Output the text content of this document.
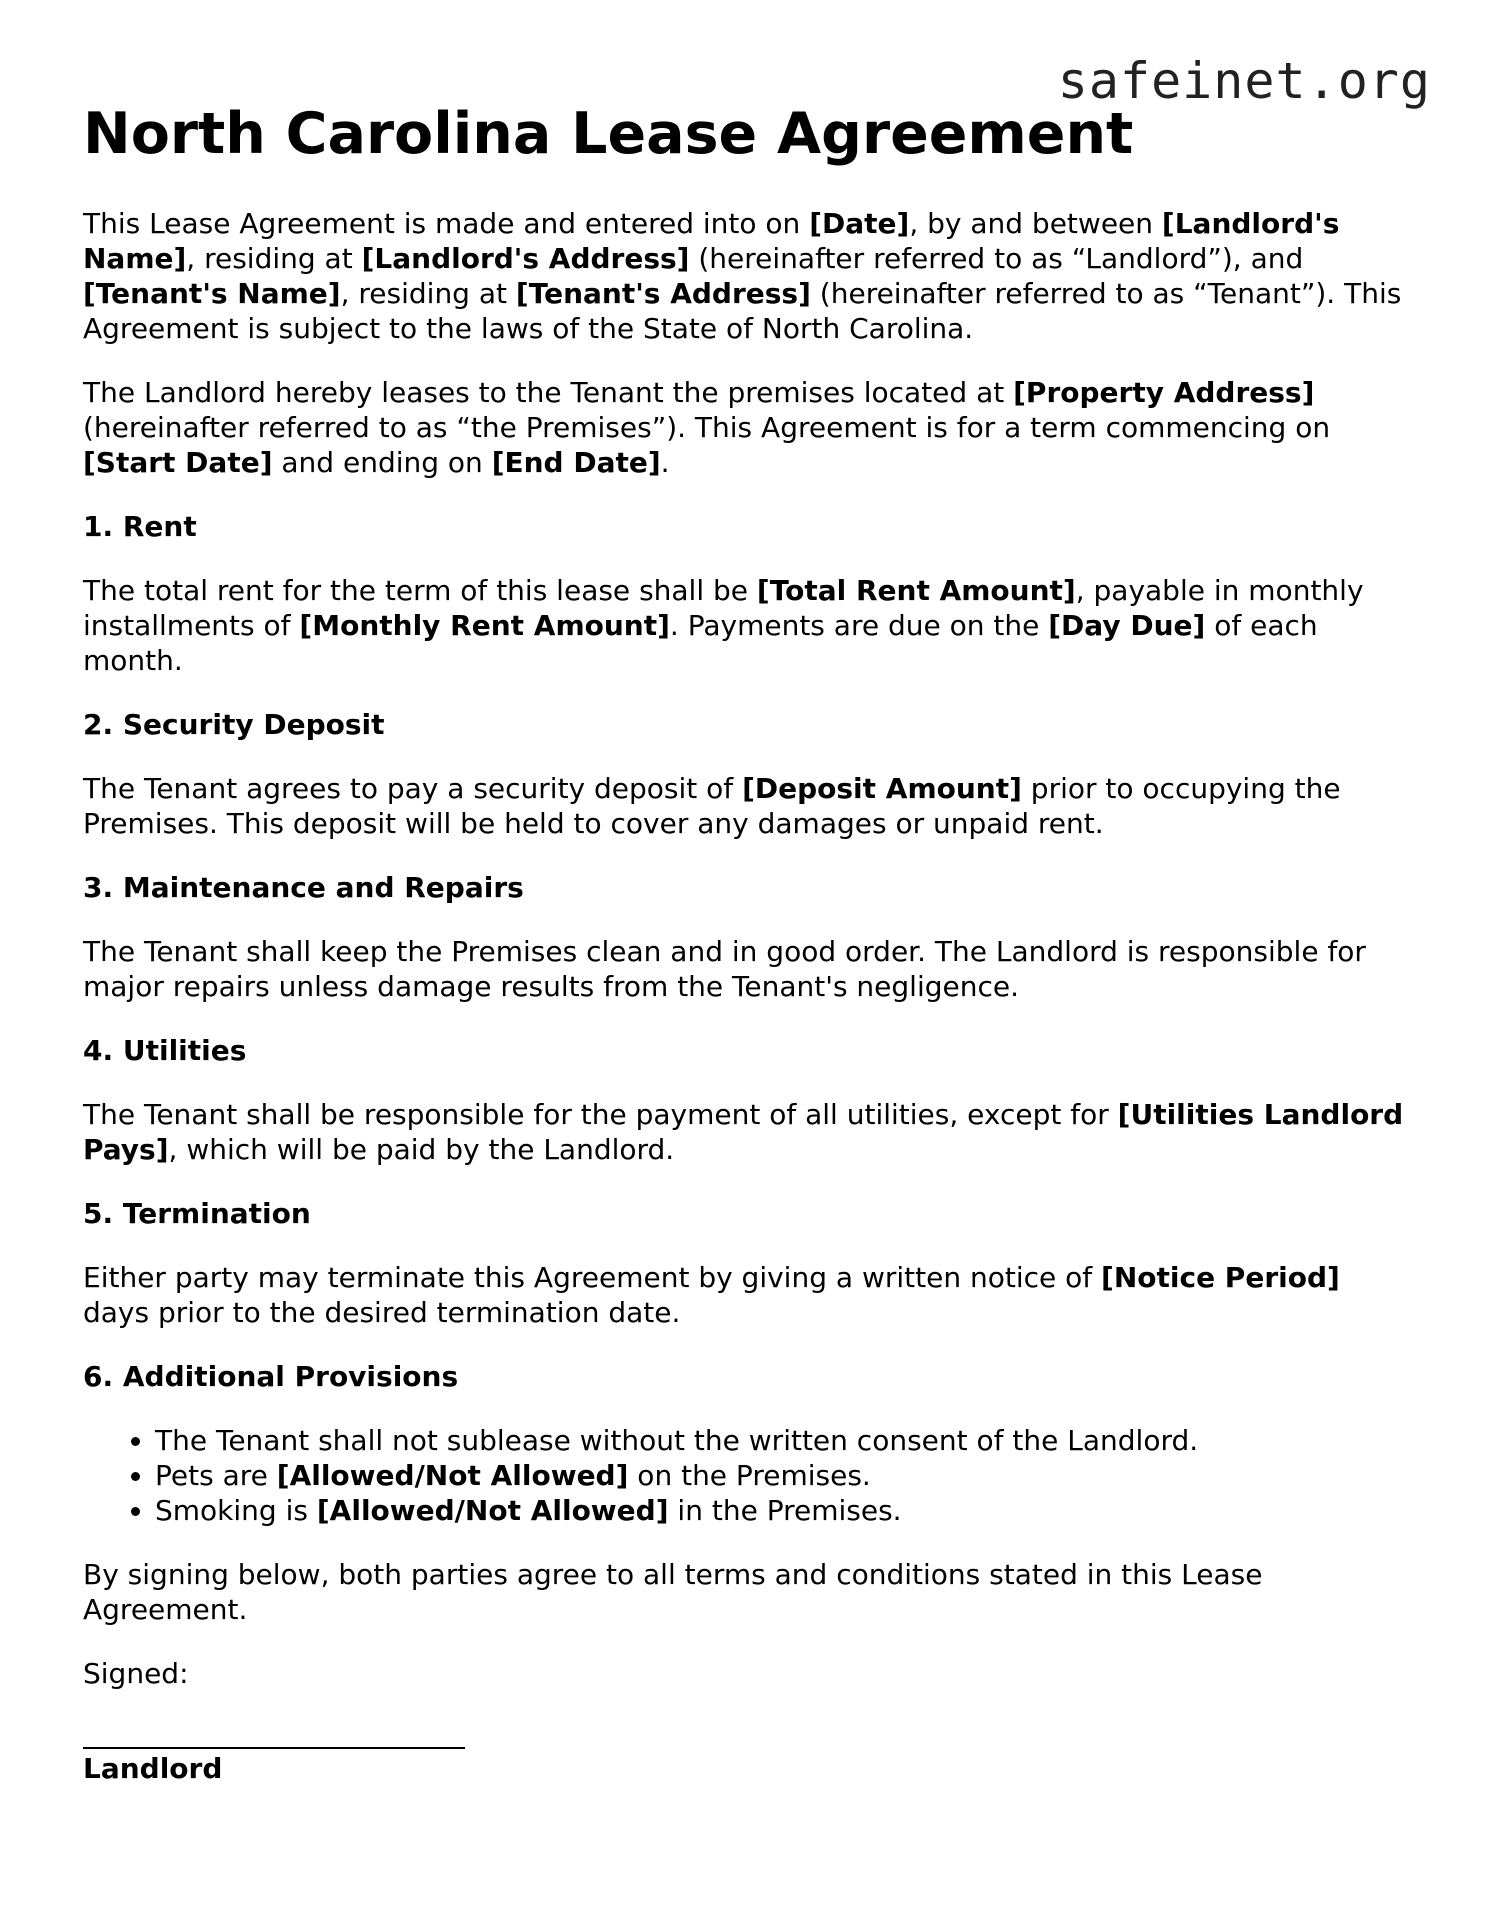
safeinet.org
North Carolina Lease Agreement

This Lease Agreement is made and entered into on [Date], by and between [Landlord's Name], residing at [Landlord's Address] (hereinafter referred to as “Landlord”), and [Tenant's Name], residing at [Tenant's Address] (hereinafter referred to as “Tenant”). This Agreement is subject to the laws of the State of North Carolina.

The Landlord hereby leases to the Tenant the premises located at [Property Address] (hereinafter referred to as “the Premises”). This Agreement is for a term commencing on [Start Date] and ending on [End Date].

1. Rent

The total rent for the term of this lease shall be [Total Rent Amount], payable in monthly installments of [Monthly Rent Amount]. Payments are due on the [Day Due] of each month.

2. Security Deposit

The Tenant agrees to pay a security deposit of [Deposit Amount] prior to occupying the Premises. This deposit will be held to cover any damages or unpaid rent.

3. Maintenance and Repairs

The Tenant shall keep the Premises clean and in good order. The Landlord is responsible for major repairs unless damage results from the Tenant's negligence.

4. Utilities

The Tenant shall be responsible for the payment of all utilities, except for [Utilities Landlord Pays], which will be paid by the Landlord.

5. Termination

Either party may terminate this Agreement by giving a written notice of [Notice Period] days prior to the desired termination date.

6. Additional Provisions
• The Tenant shall not sublease without the written consent of the Landlord.
• Pets are [Allowed/Not Allowed] on the Premises.
• Smoking is [Allowed/Not Allowed] in the Premises.

By signing below, both parties agree to all terms and conditions stated in this Lease Agreement.

Signed:

Landlord
